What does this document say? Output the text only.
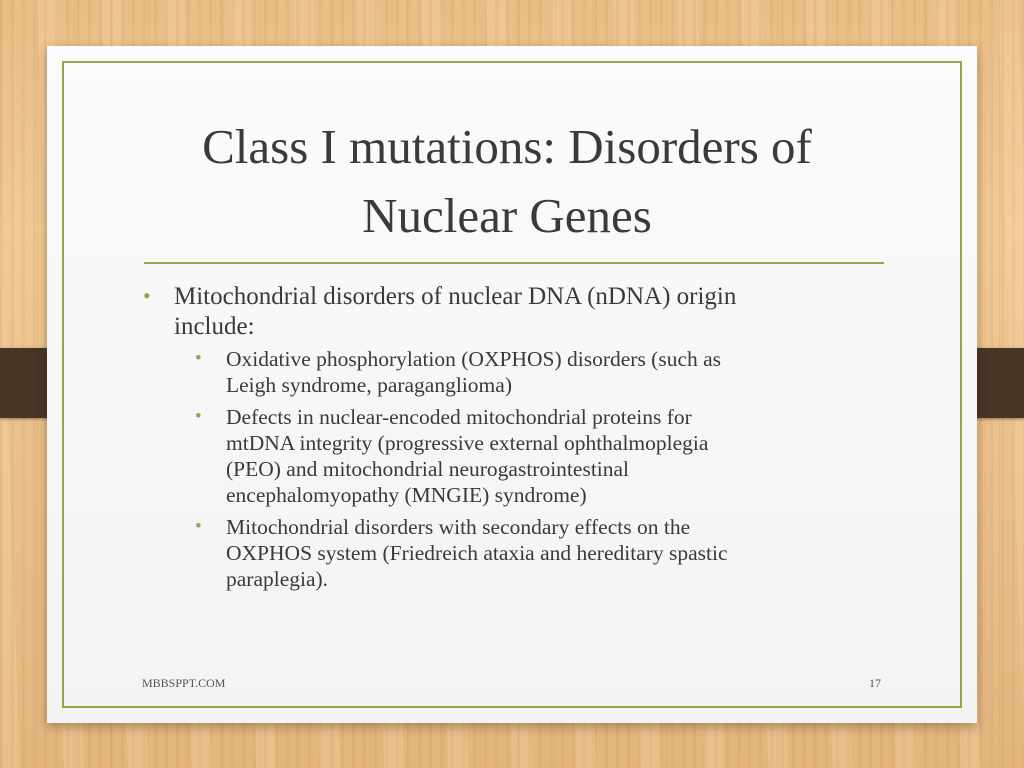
Class I mutations: Disorders of
Nuclear Genes

• Mitochondrial disorders of nuclear DNA (nDNA) origin
include:

• Oxidative phosphorylation (OXPHOS) disorders (such as
Leigh syndrome, paraganglioma)
• Defects in nuclear-encoded mitochondrial proteins for
mtDNA integrity (progressive external ophthalmoplegia
(PEO) and mitochondrial neurogastrointestinal
encephalomyopathy (MNGIE) syndrome)
• Mitochondrial disorders with secondary effects on the
OXPHOS system (Friedreich ataxia and hereditary spastic
paraplegia).
MBBSPPT.COM	17
